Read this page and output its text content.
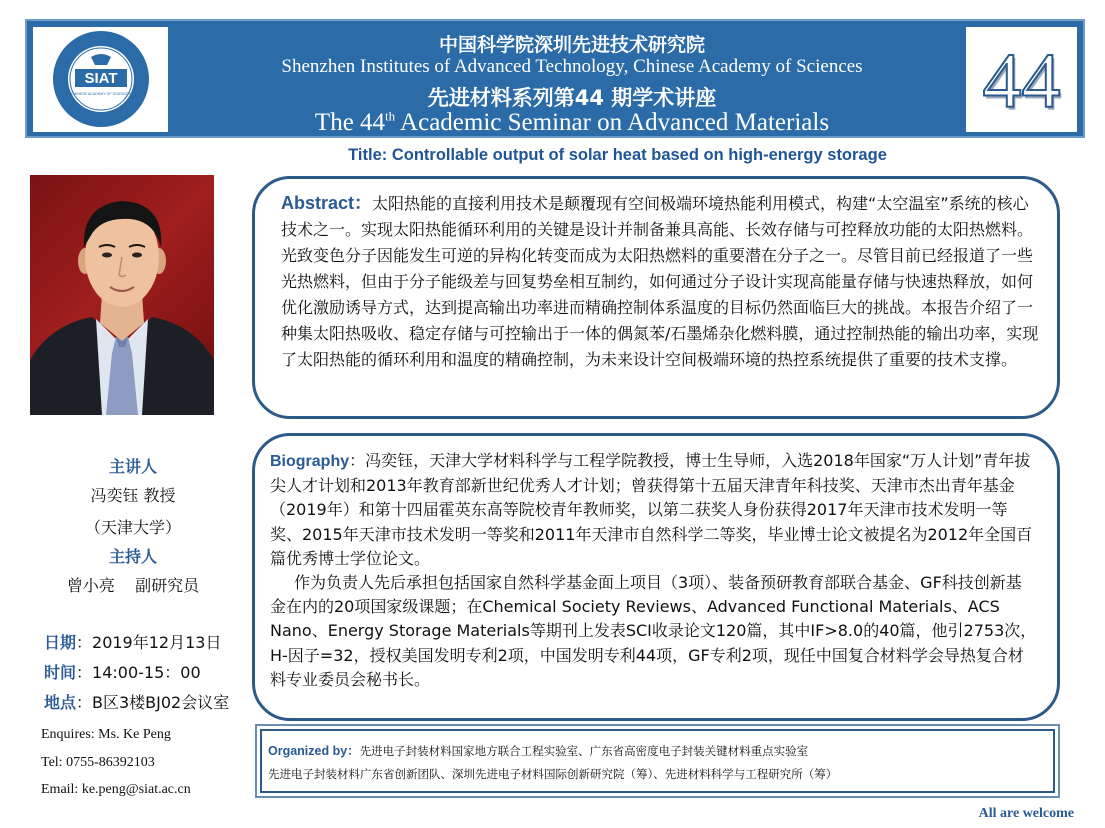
SIAT
CHINESE ACADEMY OF SCIENCES
中国科学院深圳先进技术研究院
Shenzhen Institutes of Advanced Technology, Chinese Academy of Sciences
先进材料系列第44 期学术讲座
The 44th Academic Seminar on Advanced Materials	44
Title: Controllable output of solar heat based on high-energy storage
Abstract：太阳热能的直接利用技术是颠覆现有空间极端环境热能利用模式，构建“太空温室”系统的核心技术之一。实现太阳热能循环利用的关键是设计并制备兼具高能、长效存储与可控释放功能的太阳热燃料。光致变色分子因能发生可逆的异构化转变而成为太阳热燃料的重要潜在分子之一。尽管目前已经报道了一些光热燃料，但由于分子能级差与回复势垒相互制约，如何通过分子设计实现高能量存储与快速热释放，如何优化激励诱导方式，达到提高输出功率进而精确控制体系温度的目标仍然面临巨大的挑战。本报告介绍了一种集太阳热吸收、稳定存储与可控输出于一体的偶氮苯/石墨烯杂化燃料膜，通过控制热能的输出功率，实现了太阳热能的循环利用和温度的精确控制，为未来设计空间极端环境的热控系统提供了重要的技术支撑。

Biography：冯奕钰，天津大学材料科学与工程学院教授，博士生导师，入选2018年国家“万人计划”青年拔尖人才计划和2013年教育部新世纪优秀人才计划；曾获得第十五届天津青年科技奖、天津市杰出青年基金（2019年）和第十四届霍英东高等院校青年教师奖，以第二获奖人身份获得2017年天津市技术发明一等奖、2015年天津市技术发明一等奖和2011年天津市自然科学二等奖，毕业博士论文被提名为2012年全国百篇优秀博士学位论文。

作为负责人先后承担包括国家自然科学基金面上项目（3项）、装备预研教育部联合基金、GF科技创新基金在内的20项国家级课题；在Chemical Society Reviews、Advanced Functional Materials、ACS Nano、Energy Storage Materials等期刊上发表SCI收录论文120篇，其中IF>8.0的40篇，他引2753次，H-因子=32，授权美国发明专利2项，中国发明专利44项，GF专利2项，现任中国复合材料学会导热复合材料专业委员会秘书长。

主讲人
冯奕钰 教授
（天津大学）
主持人
曾小亮    副研究员
日期：2019年12月13日
时间：14:00-15：00
地点：B区3楼BJ02会议室
Enquires: Ms. Ke Peng
Tel: 0755-86392103
Email: ke.peng@siat.ac.cn
Organized by：先进电子封装材料国家地方联合工程实验室、广东省高密度电子封装关键材料重点实验室
先进电子封装材料广东省创新团队、深圳先进电子材料国际创新研究院（筹）、先进材料科学与工程研究所（筹）
All are welcome
